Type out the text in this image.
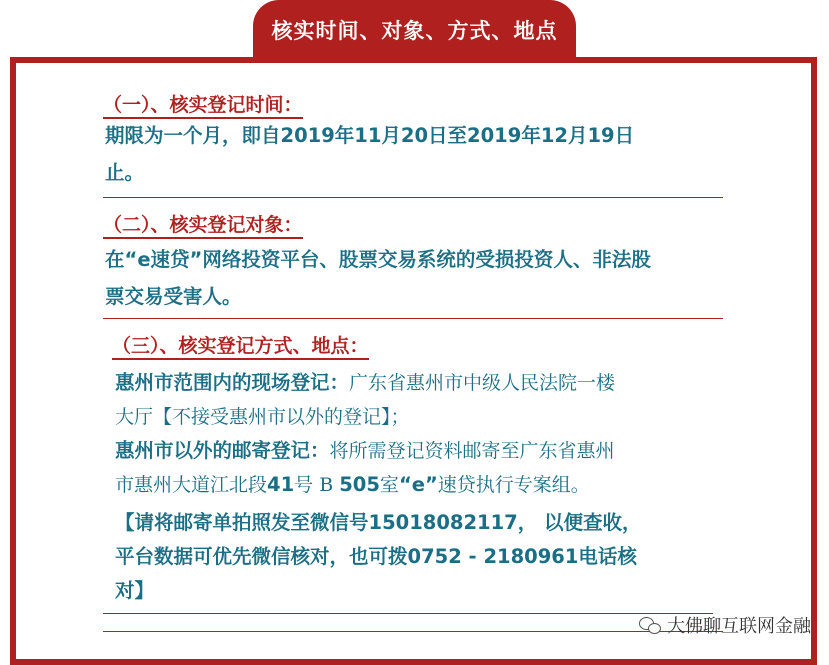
核实时间、对象、方式、地点
（一）、核实登记时间：
期限为一个月，即自2019年11月20日至2019年12月19日
止。
（二）、核实登记对象：
在“e速贷”网络投资平台、股票交易系统的受损投资人、非法股
票交易受害人。
（三）、核实登记方式、地点：
惠州市范围内的现场登记：广东省惠州市中级人民法院一楼
大厅【不接受惠州市以外的登记】；
惠州市以外的邮寄登记：将所需登记资料邮寄至广东省惠州
市惠州大道江北段41号 B 505室“e”速贷执行专案组。
【请将邮寄单拍照发至微信号15018082117， 以便查收，
平台数据可优先微信核对，也可拨0752 - 2180961电话核
对】
大佛聊互联网金融
